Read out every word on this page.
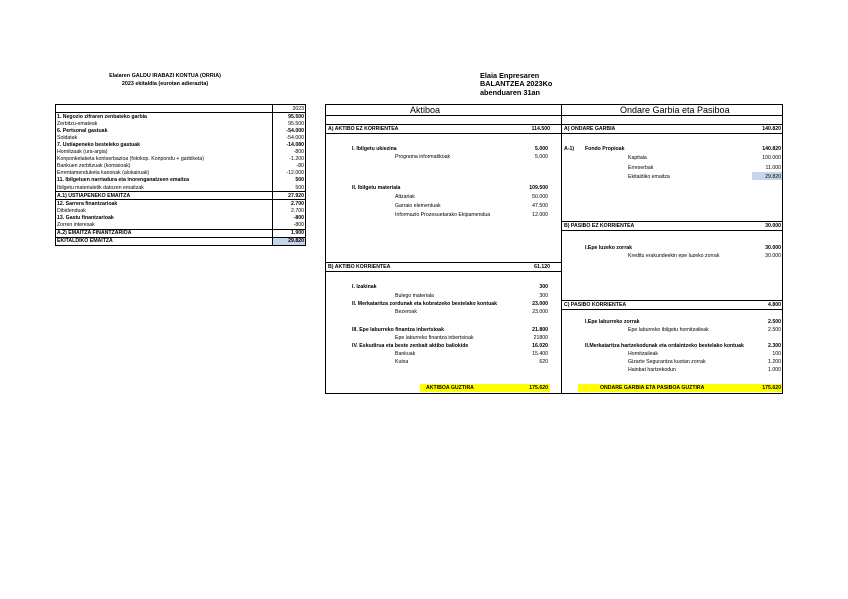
Elaiaren GALDU IRABAZI KONTUA (ORRIA)
2023 ekitaldia (eurotan adierazita)
	2023
1. Negozio zifraren zenbateko garbia	95.500
Zerbitzu-emateak	95.500
6. Pertsonal gastuak	-54.000
Soldatak	-54.000
7. Ustiapeneko besteleko gastuak	-14.080
Hornitzaak (ura-argia)	-800
Konponketaketa kontserbazioa (fotokop. Konpondu + garbiketa)	-1.200
Bankuen zerbitzuak (komisioak)	-80
Errentamenduketa kanonak (alokairuak)	-12.000
11. Ibilgetuen narriadura eta inorenganatzeen emaitza	500
Ibilgetu materialetik datozen emaitzak	500
A.1) USTIAPENEKO EMAITZA	27.920
12. Sarrera finantzarioak	2.700
Dibidenduak	2.700
13. Gastu finantzarioak	-800
Zorren interesak	-800
A.2) EMAITZA FINANTZARIOA	1.900
EKITALDIKO EMAITZA	29.820
Elaia Enpresaren
BALANTZEA 2023Ko
abenduaren 31an
Aktiboa	Ondare Garbia eta Pasiboa
A) AKTIBO EZ KORRIENTEA	114.500
I. Ibilgetu ukiezina	5.000
Programa informatikoak	5.000
II. Ibilgetu materiala	109.500
Altzariak	50.000
Garraio elementuak	47.500
Informazio Prozesuetarako Ekipamendua	12.000
B) AKTIBO KORRIENTEA	61.120
I. Izakinak	300
Bulego materiala	300
II. Merkataritza zordunak eta kobratzeko bestelako kontuak	23.000
Bezeroak	23.000
III. Epe laburreko finantza inbertsioak	21.800
Epe laburreko finantza inbertsioak	21800
IV. Eskudirua eta beste zenbait aktibo baliokide	16.020
Bankuak	15.400
Kutxa	620
AKTIBOA GUZTIRA	175.620
A) ONDARE GARBIA	140.820
A-1) Fondo Propioak	140.820
Kapitala	100.000
Erreserbak	11.000
Ekitaldiko emaitza	29.820
B) PASIBO EZ KORRIENTEA	30.000
I.Epe luzeko zorrak	30.000
Kreditu erakundeekin epe luzeko zorrak	30.000
C) PASIBO KORRIENTEA	4.800
I.Epe laburreko zorrak	2.500
Epe laburreko ibilgetu hornitzaileak	2.500
II.Merkataritza hartzekodunak eta ordaintzeko bestelako kontuak	2.300
Hornitzaileak	100
Gizarte Segurantza kuotan zorrak	1.200
Hainbat hartzekodun	1.000
ONDARE GARBIA ETA PASIBOA GUZTIRA	175.620
